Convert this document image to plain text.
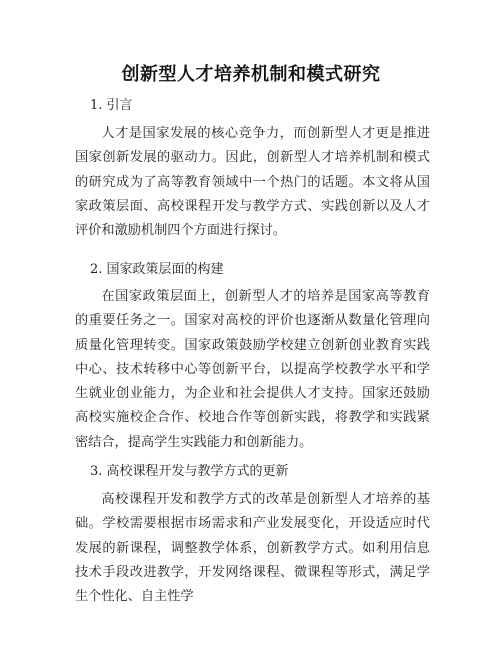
创新型人才培养机制和模式研究
1. 引言

人才是国家发展的核心竞争力，而创新型人才更是推进国家创新发展的驱动力。因此，创新型人才培养机制和模式的研究成为了高等教育领域中一个热门的话题。本文将从国家政策层面、高校课程开发与教学方式、实践创新以及人才评价和激励机制四个方面进行探讨。

2. 国家政策层面的构建

在国家政策层面上，创新型人才的培养是国家高等教育的重要任务之一。国家对高校的评价也逐渐从数量化管理向质量化管理转变。国家政策鼓励学校建立创新创业教育实践中心、技术转移中心等创新平台，以提高学校教学水平和学生就业创业能力，为企业和社会提供人才支持。国家还鼓励高校实施校企合作、校地合作等创新实践，将教学和实践紧密结合，提高学生实践能力和创新能力。

3. 高校课程开发与教学方式的更新

高校课程开发和教学方式的改革是创新型人才培养的基础。学校需要根据市场需求和产业发展变化，开设适应时代发展的新课程，调整教学体系，创新教学方式。如利用信息技术手段改进教学，开发网络课程、微课程等形式，满足学生个性化、自主性学
